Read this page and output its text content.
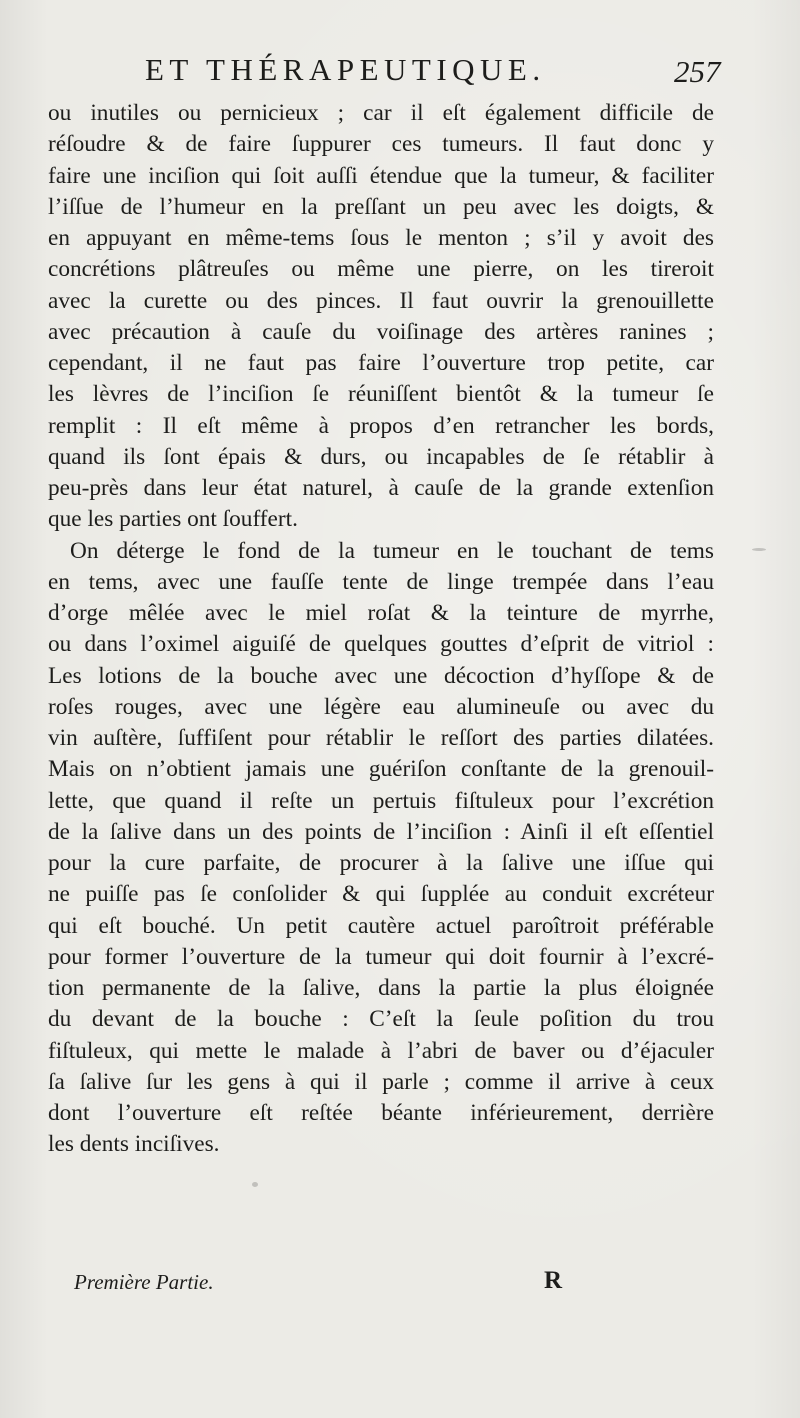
ET THÉRAPEUTIQUE.	257
ou inutiles ou pernicieux ; car il eſt également difficile de
réſoudre & de faire ſuppurer ces tumeurs. Il faut donc y
faire une inciſion qui ſoit auſſi étendue que la tumeur, & faciliter
l’iſſue de l’humeur en la preſſant un peu avec les doigts, &
en appuyant en même-tems ſous le menton ; s’il y avoit des
concrétions plâtreuſes ou même une pierre, on les tireroit
avec la curette ou des pinces. Il faut ouvrir la grenouillette
avec précaution à cauſe du voiſinage des artères ranines ;
cependant, il ne faut pas faire l’ouverture trop petite, car
les lèvres de l’inciſion ſe réuniſſent bientôt & la tumeur ſe
remplit : Il eſt même à propos d’en retrancher les bords,
quand ils ſont épais & durs, ou incapables de ſe rétablir à
peu-près dans leur état naturel, à cauſe de la grande extenſion
que les parties ont ſouffert.
On déterge le fond de la tumeur en le touchant de tems
en tems, avec une fauſſe tente de linge trempée dans l’eau
d’orge mêlée avec le miel roſat & la teinture de myrrhe,
ou dans l’oximel aiguiſé de quelques gouttes d’eſprit de vitriol :
Les lotions de la bouche avec une décoction d’hyſſope & de
roſes rouges, avec une légère eau alumineuſe ou avec du
vin auſtère, ſuffiſent pour rétablir le reſſort des parties dilatées.
Mais on n’obtient jamais une guériſon conſtante de la grenouil-
lette, que quand il reſte un pertuis fiſtuleux pour l’excrétion
de la ſalive dans un des points de l’inciſion : Ainſi il eſt eſſentiel
pour la cure parfaite, de procurer à la ſalive une iſſue qui
ne puiſſe pas ſe conſolider & qui ſupplée au conduit excréteur
qui eſt bouché. Un petit cautère actuel paroîtroit préférable
pour former l’ouverture de la tumeur qui doit fournir à l’excré-
tion permanente de la ſalive, dans la partie la plus éloignée
du devant de la bouche : C’eſt la ſeule poſition du trou
fiſtuleux, qui mette le malade à l’abri de baver ou d’éjaculer
ſa ſalive ſur les gens à qui il parle ; comme il arrive à ceux
dont l’ouverture eſt reſtée béante inférieurement, derrière
les dents inciſives.
Première Partie.	R
